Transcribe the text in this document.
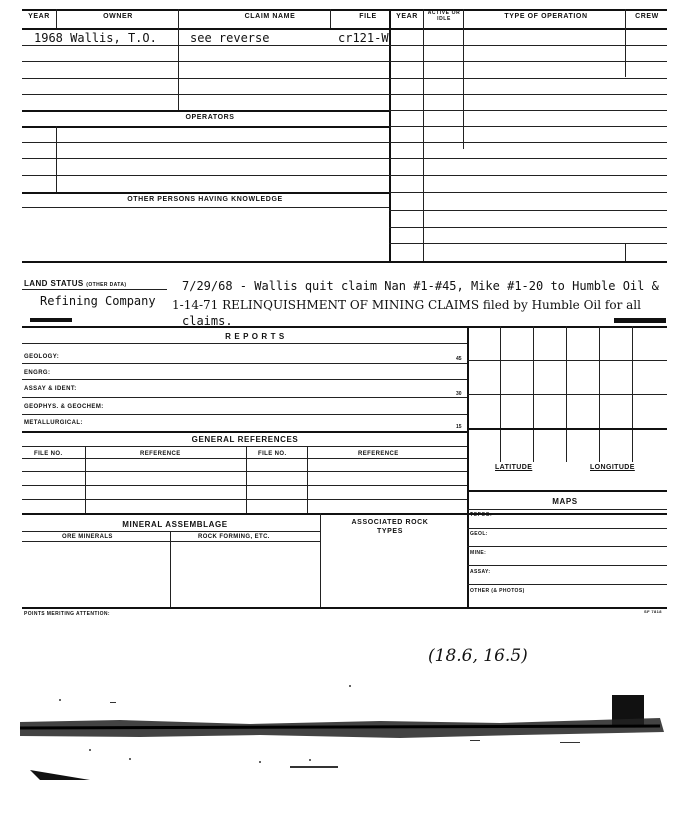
YEAR	OWNER	CLAIM NAME	FILE	YEAR	ACTIVE OR IDLE	TYPE OF OPERATION	CREW
1968 Wallis, T.O.	see reverse	cr121-W
OPERATORS
OTHER PERSONS HAVING KNOWLEDGE
LAND STATUS (OTHER DATA)	7/29/68 - Wallis quit claim Nan #1-#45, Mike #1-20 to Humble Oil &
Refining Company 1-14-71 RELINQUISHMENT OF MINING CLAIMS filed by Humble Oil for all
claims.
R E P O R T S
GEOLOGY:
ENGRG:
ASSAY & IDENT:
GEOPHYS. & GEOCHEM:
METALLURGICAL:
45
30
15
GENERAL REFERENCES
FILE NO.	REFERENCE	FILE NO.	REFERENCE
MINERAL ASSEMBLAGE	ASSOCIATED ROCK TYPES
ORE MINERALS	ROCK FORMING, ETC.
LATITUDE	LONGITUDE
MAPS
TOPOG:
GEOL:
MINE:
ASSAY:
OTHER (& PHOTOS)
POINTS MERITING ATTENTION:	SF 7818
(18.6, 16.5)
